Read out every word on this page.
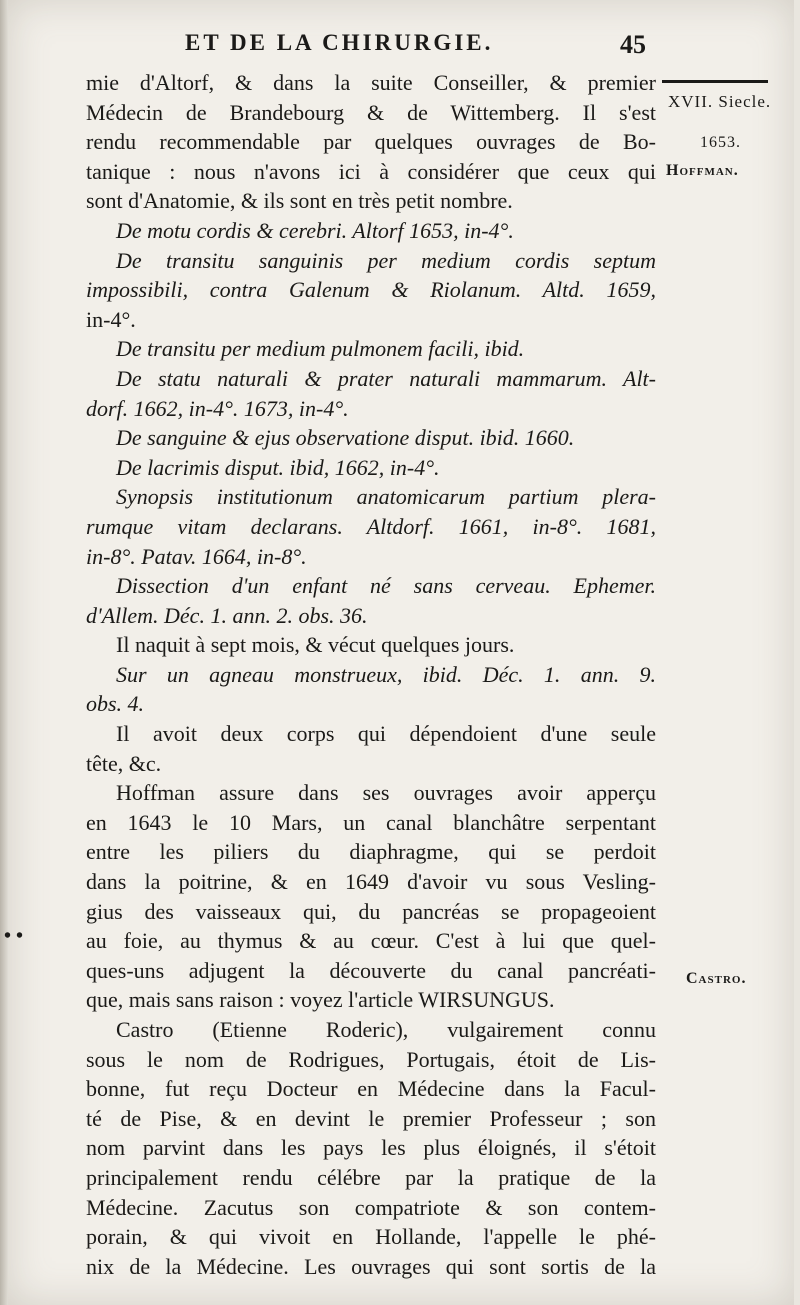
ET DE LA CHIRURGIE.	45
XVII. Siecle.
1653.
Hoffman.
Castro.
• •
mie d'Altorf, & dans la suite Conseiller, & premier
Médecin de Brandebourg & de Wittemberg. Il s'est
rendu recommendable par quelques ouvrages de Bo-
tanique : nous n'avons ici à considérer que ceux qui
sont d'Anatomie, & ils sont en très petit nombre.
De motu cordis & cerebri. Altorf 1653, in-4°.
De transitu sanguinis per medium cordis septum
impossibili, contra Galenum & Riolanum. Altd. 1659,
in-4°.
De transitu per medium pulmonem facili, ibid.
De statu naturali & prater naturali mammarum. Alt-
dorf. 1662, in-4°. 1673, in-4°.
De sanguine & ejus observatione disput. ibid. 1660.
De lacrimis disput. ibid, 1662, in-4°.
Synopsis institutionum anatomicarum partium plera-
rumque vitam declarans. Altdorf. 1661, in-8°. 1681,
in-8°. Patav. 1664, in-8°.
Dissection d'un enfant né sans cerveau. Ephemer.
d'Allem. Déc. 1. ann. 2. obs. 36.
Il naquit à sept mois, & vécut quelques jours.
Sur un agneau monstrueux, ibid. Déc. 1. ann. 9.
obs. 4.
Il avoit deux corps qui dépendoient d'une seule
tête, &c.
Hoffman assure dans ses ouvrages avoir apperçu
en 1643 le 10 Mars, un canal blanchâtre serpentant
entre les piliers du diaphragme, qui se perdoit
dans la poitrine, & en 1649 d'avoir vu sous Vesling-
gius des vaisseaux qui, du pancréas se propageoient
au foie, au thymus & au cœur. C'est à lui que quel-
ques-uns adjugent la découverte du canal pancréati-
que, mais sans raison : voyez l'article WIRSUNGUS.
Castro (Etienne Roderic), vulgairement connu
sous le nom de Rodrigues, Portugais, étoit de Lis-
bonne, fut reçu Docteur en Médecine dans la Facul-
té de Pise, & en devint le premier Professeur ; son
nom parvint dans les pays les plus éloignés, il s'étoit
principalement rendu célébre par la pratique de la
Médecine. Zacutus son compatriote & son contem-
porain, & qui vivoit en Hollande, l'appelle le phé-
nix de la Médecine. Les ouvrages qui sont sortis de la
